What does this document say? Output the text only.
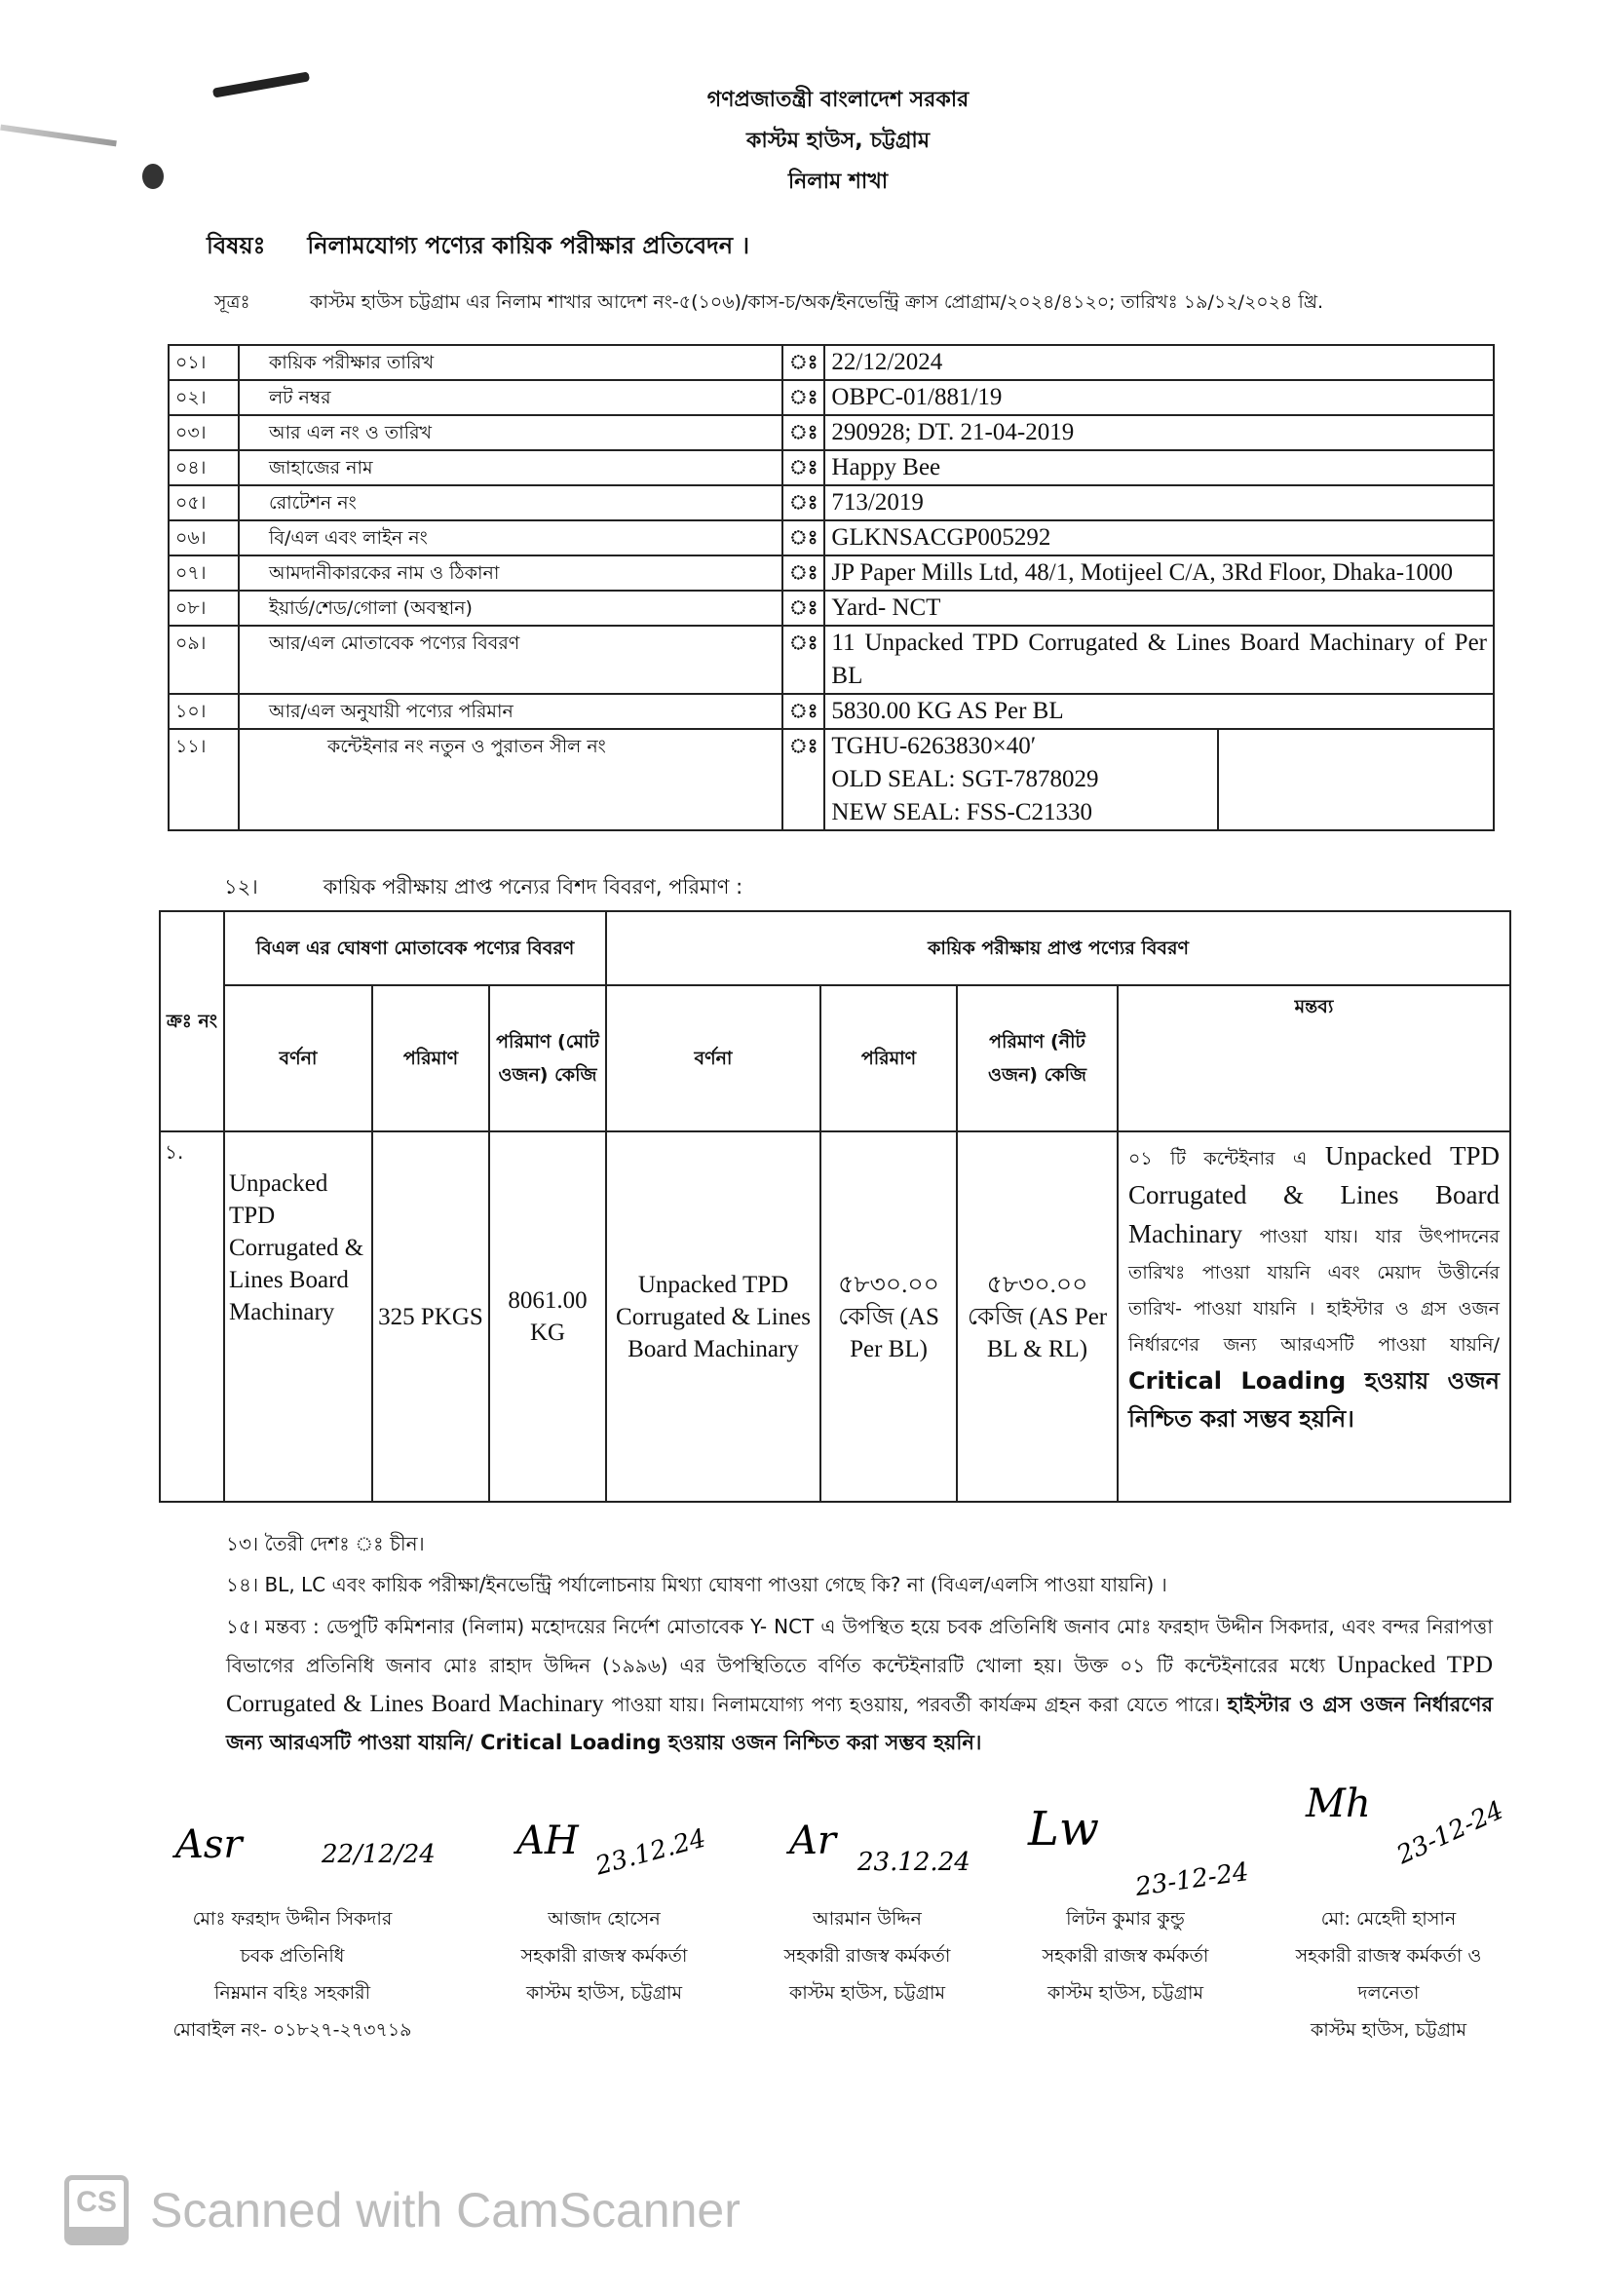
গণপ্রজাতন্ত্রী বাংলাদেশ সরকার
কাস্টম হাউস, চট্টগ্রাম
নিলাম শাখা
বিষয়ঃ নিলামযোগ্য পণ্যের কায়িক পরীক্ষার প্রতিবেদন ।
সূত্রঃ	কাস্টম হাউস চট্টগ্রাম এর নিলাম শাখার আদেশ নং-৫(১০৬)/কাস-চ/অক/ইনভেন্ট্রি ক্রাস প্রোগ্রাম/২০২৪/৪১২০; তারিখঃ ১৯/১২/২০২৪ খ্রি.
০১।	কায়িক পরীক্ষার তারিখ	ঃ	22/12/2024	
০২।	লট নম্বর	ঃ	OBPC-01/881/19	
০৩।	আর এল নং ও তারিখ	ঃ	290928; DT. 21-04-2019	
০৪।	জাহাজের নাম	ঃ	Happy Bee	
০৫।	রোটেশন নং	ঃ	713/2019	
০৬।	বি/এল এবং লাইন নং	ঃ	GLKNSACGP005292	
০৭।	আমদানীকারকের নাম ও ঠিকানা	ঃ	JP Paper Mills Ltd, 48/1, Motijeel C/A, 3Rd Floor, Dhaka-1000	
০৮।	ইয়ার্ড/শেড/গোলা (অবস্থান)	ঃ	Yard- NCT	
০৯।	আর/এল মোতাবেক পণ্যের বিবরণ	ঃ	11 Unpacked TPD Corrugated & Lines Board Machinary of Per BL	
১০।	আর/এল অনুযায়ী পণ্যের পরিমান	ঃ	5830.00 KG AS Per BL	
১১।	কন্টেইনার নং নতুন ও পুরাতন সীল নং	ঃ	TGHU-6263830×40′
OLD SEAL: SGT-7878029
NEW SEAL: FSS-C21330	

১২।	কায়িক পরীক্ষায় প্রাপ্ত পন্যের বিশদ বিবরণ, পরিমাণ :
ক্রঃ নং	বিএল এর ঘোষণা মোতাবেক পণ্যের বিবরণ			কায়িক পরীক্ষায় প্রাপ্ত পণ্যের বিবরণ			
	বর্ণনা	পরিমাণ	পরিমাণ (মোট ওজন) কেজি	বর্ণনা	পরিমাণ	পরিমাণ (নীট ওজন) কেজি	মন্তব্য
১.	Unpacked TPD Corrugated & Lines Board Machinary	325 PKGS	8061.00 KG	Unpacked TPD Corrugated & Lines Board Machinary	৫৮৩০.০০ কেজি (AS Per BL)	৫৮৩০.০০ কেজি (AS Per BL & RL)	০১ টি কন্টেইনার এ Unpacked TPD Corrugated & Lines Board Machinary পাওয়া যায়। যার উৎপাদনের তারিখঃ পাওয়া যায়নি এবং মেয়াদ উত্তীর্নের তারিখ- পাওয়া যায়নি । হাইস্টার ও গ্রস ওজন নির্ধারণের জন্য আরএসটি পাওয়া যায়নি/ Critical Loading হওয়ায় ওজন নিশ্চিত করা সম্ভব হয়নি।
১৩। তৈরী দেশঃ ঃ চীন।
১৪। BL, LC এবং কায়িক পরীক্ষা/ইনভেন্ট্রি পর্যালোচনায় মিথ্যা ঘোষণা পাওয়া গেছে কি? না (বিএল/এলসি পাওয়া যায়নি) ।
১৫। মন্তব্য : ডেপুটি কমিশনার (নিলাম) মহোদয়ের নির্দেশ মোতাবেক Y- NCT এ উপস্থিত হয়ে চবক প্রতিনিধি জনাব মোঃ ফরহাদ উদ্দীন সিকদার, এবং বন্দর নিরাপত্তা বিভাগের প্রতিনিধি জনাব মোঃ রাহাদ উদ্দিন (১৯৯৬) এর উপস্থিতিতে বর্ণিত কন্টেইনারটি খোলা হয়। উক্ত ০১ টি কন্টেইনারের মধ্যে Unpacked TPD Corrugated & Lines Board Machinary পাওয়া যায়। নিলামযোগ্য পণ্য হওয়ায়, পরবর্তী কার্যক্রম গ্রহন করা যেতে পারে। হাইস্টার ও গ্রস ওজন নির্ধারণের জন্য আরএসটি পাওয়া যায়নি/ Critical Loading হওয়ায় ওজন নিশ্চিত করা সম্ভব হয়নি।
Asr	22/12/24
মোঃ ফরহাদ উদ্দীন সিকদার
চবক প্রতিনিধি
নিম্নমান বহিঃ সহকারী
মোবাইল নং- ০১৮২৭-২৭৩৭১৯
AH 23.12.24
আজাদ হোসেন
সহকারী রাজস্ব কর্মকর্তা
কাস্টম হাউস, চট্টগ্রাম
Ar 23.12.24
আরমান উদ্দিন
সহকারী রাজস্ব কর্মকর্তা
কাস্টম হাউস, চট্টগ্রাম
Lw
23-12-24
লিটন কুমার কুন্ডু
সহকারী রাজস্ব কর্মকর্তা
কাস্টম হাউস, চট্টগ্রাম
Mh 23-12-24
মো: মেহেদী হাসান
সহকারী রাজস্ব কর্মকর্তা ও
দলনেতা
কাস্টম হাউস, চট্টগ্রাম
CS Scanned with CamScanner
